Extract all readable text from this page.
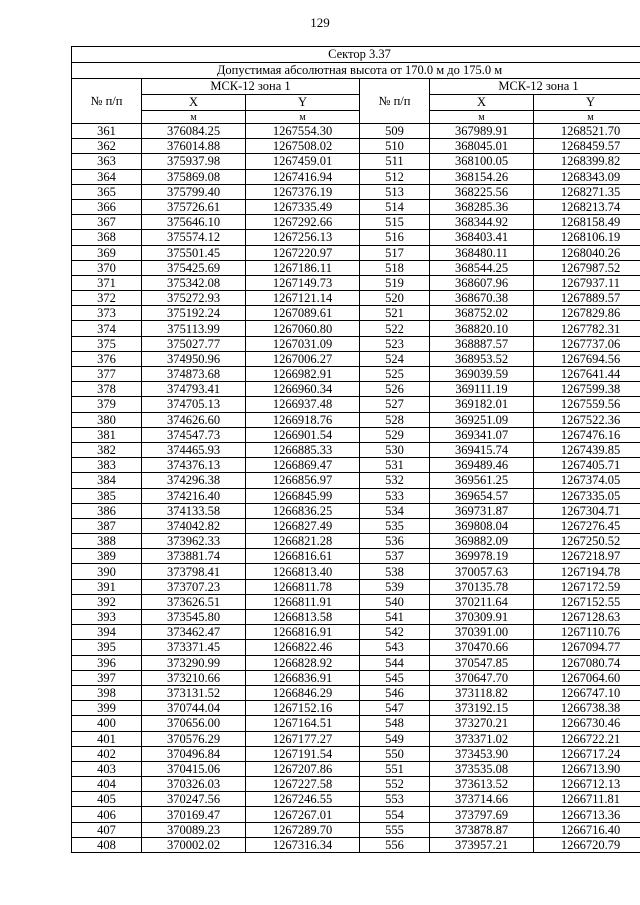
129
Сектор 3.37					
Допустимая абсолютная высота от 170.0 м до 175.0 м					
№ п/п	МСК-12 зона 1		№ п/п	МСК-12 зона 1	
	X	Y		X	Y
	м	м		м	м
361	376084.25	1267554.30	509	367989.91	1268521.70
362	376014.88	1267508.02	510	368045.01	1268459.57
363	375937.98	1267459.01	511	368100.05	1268399.82
364	375869.08	1267416.94	512	368154.26	1268343.09
365	375799.40	1267376.19	513	368225.56	1268271.35
366	375726.61	1267335.49	514	368285.36	1268213.74
367	375646.10	1267292.66	515	368344.92	1268158.49
368	375574.12	1267256.13	516	368403.41	1268106.19
369	375501.45	1267220.97	517	368480.11	1268040.26
370	375425.69	1267186.11	518	368544.25	1267987.52
371	375342.08	1267149.73	519	368607.96	1267937.11
372	375272.93	1267121.14	520	368670.38	1267889.57
373	375192.24	1267089.61	521	368752.02	1267829.86
374	375113.99	1267060.80	522	368820.10	1267782.31
375	375027.77	1267031.09	523	368887.57	1267737.06
376	374950.96	1267006.27	524	368953.52	1267694.56
377	374873.68	1266982.91	525	369039.59	1267641.44
378	374793.41	1266960.34	526	369111.19	1267599.38
379	374705.13	1266937.48	527	369182.01	1267559.56
380	374626.60	1266918.76	528	369251.09	1267522.36
381	374547.73	1266901.54	529	369341.07	1267476.16
382	374465.93	1266885.33	530	369415.74	1267439.85
383	374376.13	1266869.47	531	369489.46	1267405.71
384	374296.38	1266856.97	532	369561.25	1267374.05
385	374216.40	1266845.99	533	369654.57	1267335.05
386	374133.58	1266836.25	534	369731.87	1267304.71
387	374042.82	1266827.49	535	369808.04	1267276.45
388	373962.33	1266821.28	536	369882.09	1267250.52
389	373881.74	1266816.61	537	369978.19	1267218.97
390	373798.41	1266813.40	538	370057.63	1267194.78
391	373707.23	1266811.78	539	370135.78	1267172.59
392	373626.51	1266811.91	540	370211.64	1267152.55
393	373545.80	1266813.58	541	370309.91	1267128.63
394	373462.47	1266816.91	542	370391.00	1267110.76
395	373371.45	1266822.46	543	370470.66	1267094.77
396	373290.99	1266828.92	544	370547.85	1267080.74
397	373210.66	1266836.91	545	370647.70	1267064.60
398	373131.52	1266846.29	546	373118.82	1266747.10
399	370744.04	1267152.16	547	373192.15	1266738.38
400	370656.00	1267164.51	548	373270.21	1266730.46
401	370576.29	1267177.27	549	373371.02	1266722.21
402	370496.84	1267191.54	550	373453.90	1266717.24
403	370415.06	1267207.86	551	373535.08	1266713.90
404	370326.03	1267227.58	552	373613.52	1266712.13
405	370247.56	1267246.55	553	373714.66	1266711.81
406	370169.47	1267267.01	554	373797.69	1266713.36
407	370089.23	1267289.70	555	373878.87	1266716.40
408	370002.02	1267316.34	556	373957.21	1266720.79
